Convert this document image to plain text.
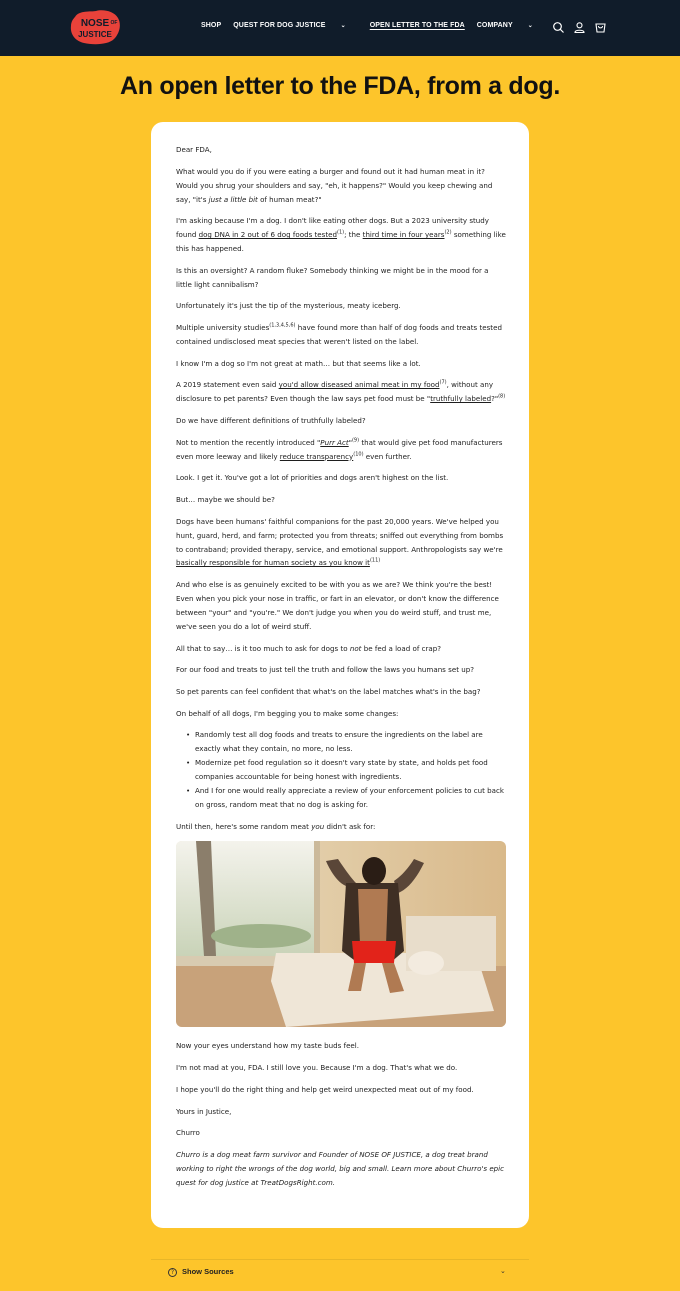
NOSE
JUSTICE
OF	SHOP QUEST FOR DOG JUSTICE	⌄	OPEN LETTER TO THE FDA COMPANY	⌄
An open letter to the FDA, from a dog.

Dear FDA,

What would you do if you were eating a burger and found out it had human meat in it? Would you shrug your shoulders and say, "eh, it happens?" Would you keep chewing and say, "it's just a little bit of human meat?"

I'm asking because I'm a dog. I don't like eating other dogs. But a 2023 university study found dog DNA in 2 out of 6 dog foods tested$^{(1)}$; the third time in four years$^{(2)}$ something like this has happened.

Is this an oversight? A random fluke? Somebody thinking we might be in the mood for a little light cannibalism?

Unfortunately it's just the tip of the mysterious, meaty iceberg.

Multiple university studies$^{(1,3,4,5,6)}$ have found more than half of dog foods and treats tested contained undisclosed meat species that weren't listed on the label.

I know I'm a dog so I'm not great at math… but that seems like a lot.

A 2019 statement even said you'd allow diseased animal meat in my food$^{(7)}$, without any disclosure to pet parents? Even though the law says pet food must be "truthfully labeled?"$^{(8)}$

Do we have different definitions of truthfully labeled?

Not to mention the recently introduced "Purr Act"$^{(9)}$ that would give pet food manufacturers even more leeway and likely reduce transparency$^{(10)}$ even further.

Look. I get it. You've got a lot of priorities and dogs aren't highest on the list.

But… maybe we should be?

Dogs have been humans' faithful companions for the past 20,000 years. We've helped you hunt, guard, herd, and farm; protected you from threats; sniffed out everything from bombs to contraband; provided therapy, service, and emotional support. Anthropologists say we're basically responsible for human society as you know $it^{(11)}$

And who else is as genuinely excited to be with you as we are? We think you're the best! Even when you pick your nose in traffic, or fart in an elevator, or don't know the difference between "your" and "you're." We don't judge you when you do weird stuff, and trust me, we've seen you do a lot of weird stuff.

All that to say… is it too much to ask for dogs to not be fed a load of crap?

For our food and treats to just tell the truth and follow the laws you humans set up?

So pet parents can feel confident that what's on the label matches what's in the bag?

On behalf of all dogs, I'm begging you to make some changes:

• Randomly test all dog foods and treats to ensure the ingredients on the label are exactly what they contain, no more, no less.
• Modernize pet food regulation so it doesn't vary state by state, and holds pet food companies accountable for being honest with ingredients.
• And I for one would really appreciate a review of your enforcement policies to cut back on gross, random meat that no dog is asking for.

Until then, here's some random meat you didn't ask for:

Now your eyes understand how my taste buds feel.

I'm not mad at you, FDA. I still love you. Because I'm a dog. That's what we do.

I hope you'll do the right thing and help get weird unexpected meat out of my food.

Yours in Justice,

Churro

Churro is a dog meat farm survivor and Founder of NOSE OF JUSTICE, a dog treat brand working to right the wrongs of the dog world, big and small. Learn more about Churro's epic quest for dog justice at TreatDogsRight.com.

?	Show Sources	⌄
